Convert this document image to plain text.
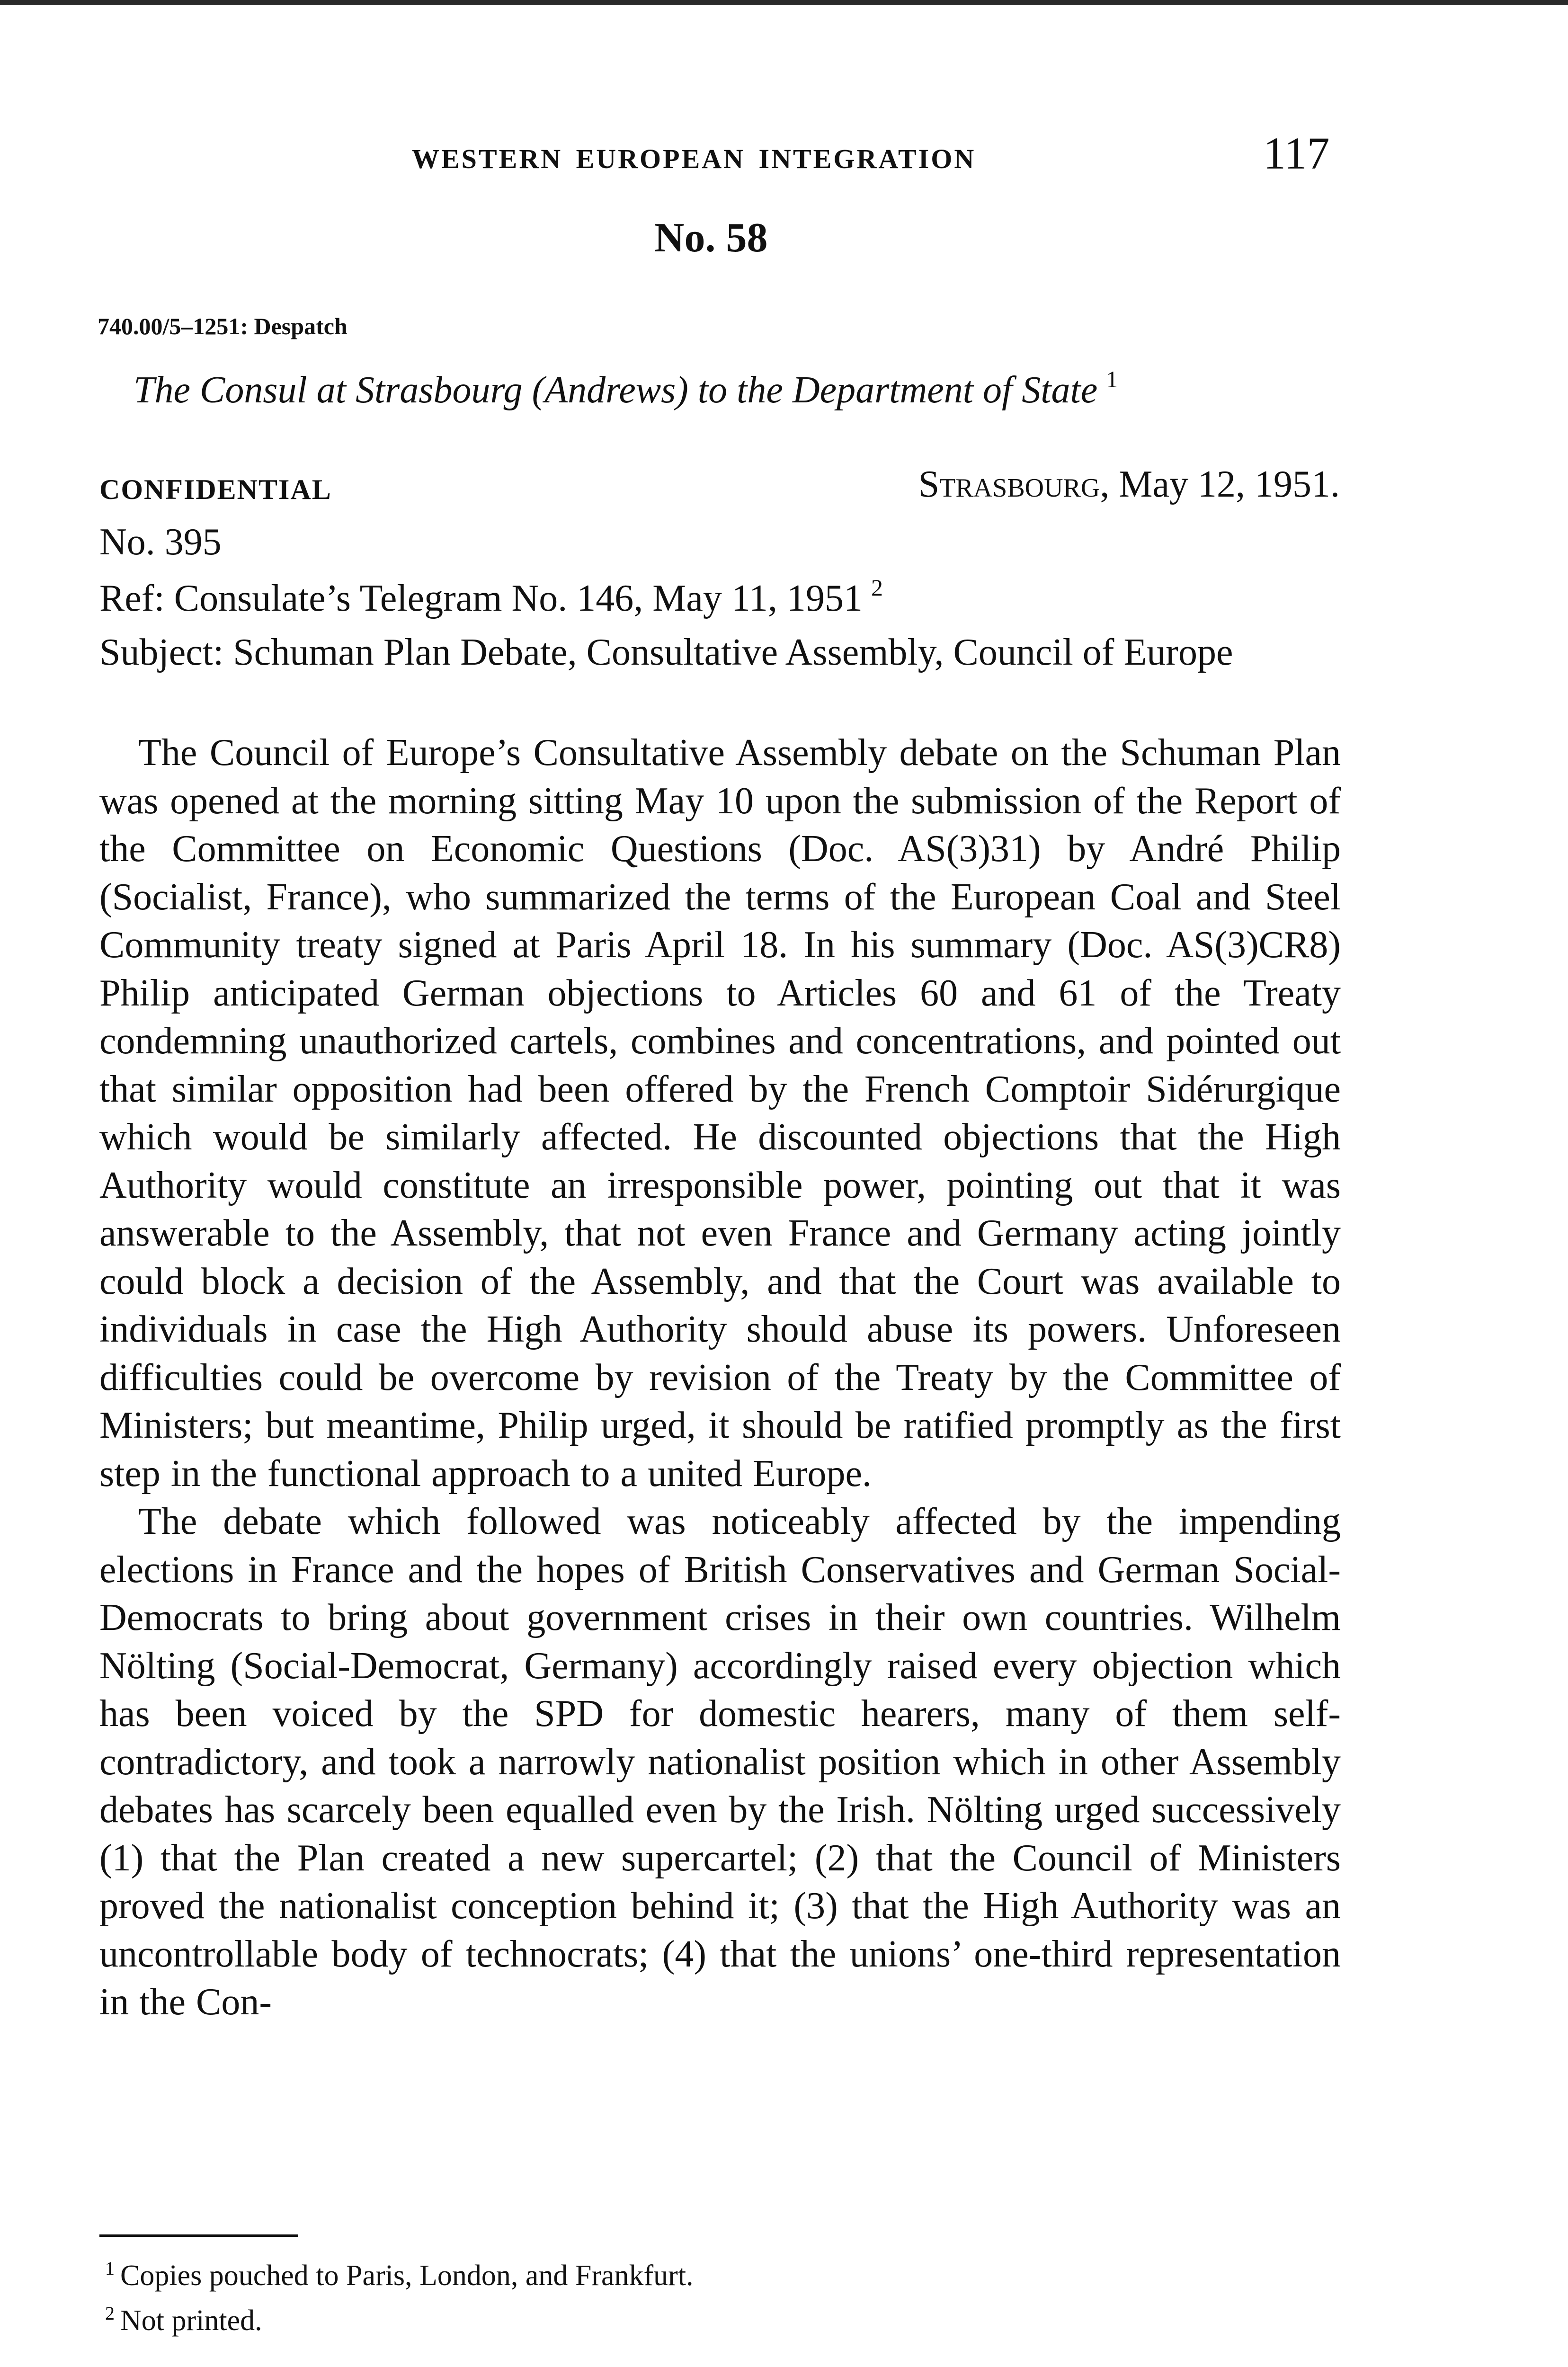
WESTERN EUROPEAN INTEGRATION	117
No. 58
740.00/5–1251: Despatch
The Consul at Strasbourg (Andrews) to the Department of State $^1$
CONFIDENTIAL	Strasbourg, May 12, 1951.
No. 395
Ref: Consulate’s Telegram No. 146, May 11, 1951 $^2$
Subject: Schuman Plan Debate, Consultative Assembly, Council of Europe

The Council of Europe’s Consultative Assembly debate on the Schuman Plan was opened at the morning sitting May 10 upon the submission of the Report of the Committee on Economic Questions (Doc. AS(3)31) by André Philip (Socialist, France), who summarized the terms of the European Coal and Steel Community treaty signed at Paris April 18. In his summary (Doc. AS(3)CR8) Philip anticipated German objections to Articles 60 and 61 of the Treaty condemning unauthorized cartels, combines and concentrations, and pointed out that similar opposition had been offered by the French Comptoir Sidérurgique which would be similarly affected. He discounted objections that the High Authority would constitute an irresponsible power, pointing out that it was answerable to the Assembly, that not even France and Germany acting jointly could block a decision of the Assembly, and that the Court was available to individuals in case the High Authority should abuse its powers. Unforeseen difficulties could be overcome by revision of the Treaty by the Committee of Ministers; but meantime, Philip urged, it should be ratified promptly as the first step in the functional approach to a united Europe.

The debate which followed was noticeably affected by the impending elections in France and the hopes of British Conservatives and German Social-Democrats to bring about government crises in their own countries. Wilhelm Nölting (Social-Democrat, Germany) accordingly raised every objection which has been voiced by the SPD for domestic hearers, many of them self-contradictory, and took a narrowly nationalist position which in other Assembly debates has scarcely been equalled even by the Irish. Nölting urged successively (1) that the Plan created a new supercartel; (2) that the Council of Ministers proved the nationalist conception behind it; (3) that the High Authority was an uncontrollable body of technocrats; (4) that the unions’ one-third representation in the Con-

$^1$ Copies pouched to Paris, London, and Frankfurt.
$^2$ Not printed.
